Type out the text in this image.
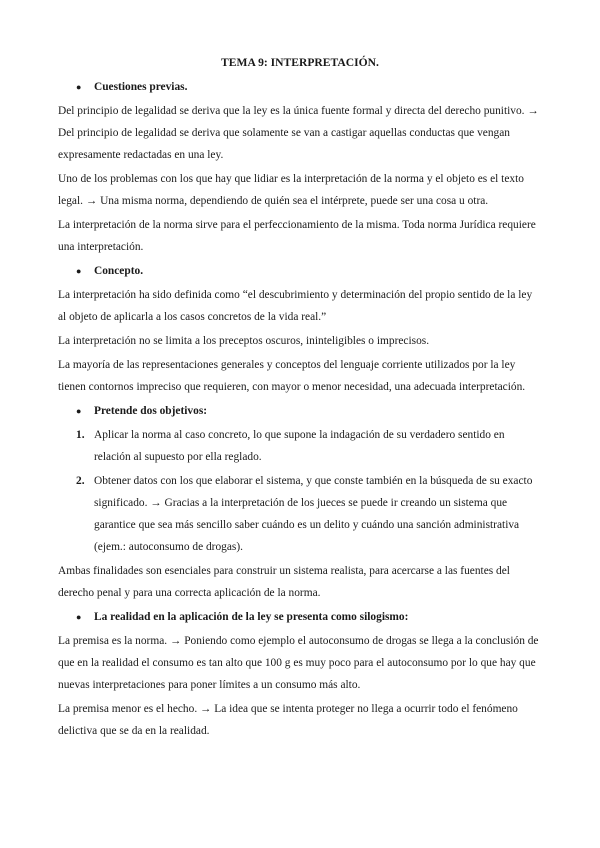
TEMA 9: INTERPRETACIÓN.
●	Cuestiones previas.

Del principio de legalidad se deriva que la ley es la única fuente formal y directa del derecho punitivo. → Del principio de legalidad se deriva que solamente se van a castigar aquellas conductas que vengan expresamente redactadas en una ley.

Uno de los problemas con los que hay que lidiar es la interpretación de la norma y el objeto es el texto legal. → Una misma norma, dependiendo de quién sea el intérprete, puede ser una cosa u otra.

La interpretación de la norma sirve para el perfeccionamiento de la misma. Toda norma Jurídica requiere una interpretación.

●	Concepto.

La interpretación ha sido definida como “el descubrimiento y determinación del propio sentido de la ley al objeto de aplicarla a los casos concretos de la vida real.”

La interpretación no se limita a los preceptos oscuros, ininteligibles o imprecisos.

La mayoría de las representaciones generales y conceptos del lenguaje corriente utilizados por la ley tienen contornos impreciso que requieren, con mayor o menor necesidad, una adecuada interpretación.

●	Pretende dos objetivos:
1. Aplicar la norma al caso concreto, lo que supone la indagación de su verdadero sentido en relación al supuesto por ella reglado.
2. Obtener datos con los que elaborar el sistema, y que conste también en la búsqueda de su exacto significado. → Gracias a la interpretación de los jueces se puede ir creando un sistema que garantice que sea más sencillo saber cuándo es un delito y cuándo una sanción administrativa (ejem.: autoconsumo de drogas).

Ambas finalidades son esenciales para construir un sistema realista, para acercarse a las fuentes del derecho penal y para una correcta aplicación de la norma.

●	La realidad en la aplicación de la ley se presenta como silogismo:

La premisa es la norma. → Poniendo como ejemplo el autoconsumo de drogas se llega a la conclusión de que en la realidad el consumo es tan alto que 100 g es muy poco para el autoconsumo por lo que hay que nuevas interpretaciones para poner límites a un consumo más alto.

La premisa menor es el hecho. → La idea que se intenta proteger no llega a ocurrir todo el fenómeno delictiva que se da en la realidad.
